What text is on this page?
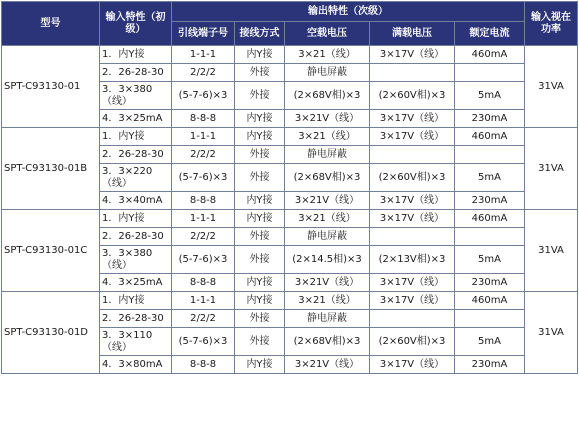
型号	输入特性（初级）	输出特性（次级）					输入视在功率
		引线端子号	接线方式	空载电压	满载电压	额定电流	
SPT-C93130-01	1．内Y接	1-1-1	内Y接	3×21（线）	3×17V（线）	460mA	31VA
	2．26-28-30	2/2/2	外接	静电屏蔽			
	3．3×380（线）	(5-7-6)×3	外接	(2×68V相)×3	(2×60V相)×3	5mA	
	4．3×25mA	8-8-8	内Y接	3×21V（线）	3×17V（线）	230mA	
SPT-C93130-01B	1．内Y接	1-1-1	内Y接	3×21（线）	3×17V（线）	460mA	31VA
	2．26-28-30	2/2/2	外接	静电屏蔽			
	3．3×220（线）	(5-7-6)×3	外接	(2×68V相)×3	(2×60V相)×3	5mA	
	4．3×40mA	8-8-8	内Y接	3×21V（线）	3×17V（线）	230mA	
SPT-C93130-01C	1．内Y接	1-1-1	内Y接	3×21（线）	3×17V（线）	460mA	31VA
	2．26-28-30	2/2/2	外接	静电屏蔽			
	3．3×380（线）	(5-7-6)×3	外接	(2×14.5相)×3	(2×13V相)×3	5mA	
	4．3×25mA	8-8-8	内Y接	3×21V（线）	3×17V（线）	230mA	
SPT-C93130-01D	1．内Y接	1-1-1	内Y接	3×21（线）	3×17V（线）	460mA	31VA
	2．26-28-30	2/2/2	外接	静电屏蔽			
	3．3×110（线）	(5-7-6)×3	外接	(2×68V相)×3	(2×60V相)×3	5mA	
	4．3×80mA	8-8-8	内Y接	3×21V（线）	3×17V（线）	230mA	
